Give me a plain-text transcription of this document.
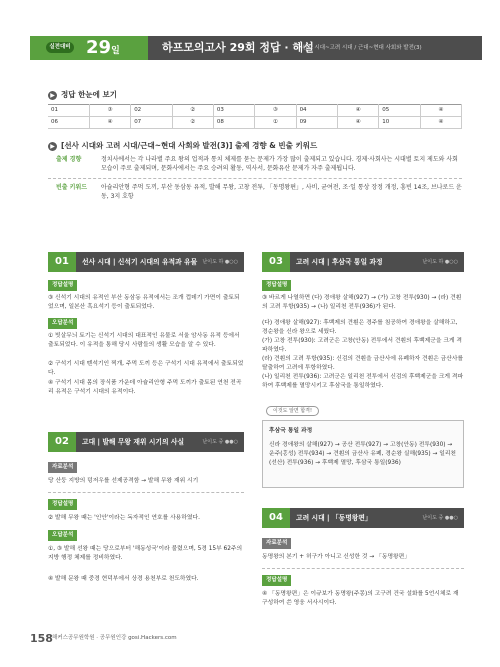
실전대비 29일	하프모의고사 29회 정답 · 해설
선사 시대~고려 시대 / 근대~현대 사회와 발전(3)
▶ 정답 한눈에 보기
01	③	02	②	03	③	04	④	05	④
06	④	07	②	08	①	09	④	10	④
▶ [선사 시대와 고려 시대/근대~현대 사회와 발전(3)] 출제 경향 & 빈출 키워드
출제 경향	정치사에서는 각 나라별 주요 왕의 업적과 통치 체제를 묻는 문제가 가장 많이 출제되고 있습니다. 경제·사회사는 시대별 토지 제도와 사회 모습이 주로 출제되며, 문화사에서는 주요 승려의 활동, 역사서, 문화유산 문제가 자주 출제됩니다.
빈출 키워드	아슐리안형 주먹 도끼, 부산 동삼동 유적, 발해 무왕, 고창 전투, 「동명왕편」, 사비, 균여전, 조·일 통상 장정 개정, 흥빈 14조, 브나로드 운동, 3지 호항
01	선사 시대 | 신석기 시대의 유적과 유물 난이도 하 ●○○
정답설명
③ 신석기 시대의 유적인 부산 동삼동 유적에서는 조개 껍데기 가면이 출토되었으며, 일본산 흑요석기 등이 출토되었다.
오답분석
① 빗살무늬 토기는 신석기 시대의 대표적인 유물로 서울 암사동 유적 등에서 출토되었다. 이 유적을 통해 당시 사람들의 생활 모습을 알 수 있다.
② 구석기 시대 뗀석기인 찍개, 주먹 도끼 등은 구석기 시대 유적에서 출토되었다.
④ 구석기 시대 몸의 장식품 가운데 아슐리안형 주먹 도끼가 출토된 연천 전곡리 유적은 구석기 시대의 유적이다.
02	고대 | 발해 무왕 재위 시기의 사실	난이도 중 ●●○
자료분석
당 산둥 지방의 덩저우를 선제공격함 → 발해 무왕 재위 시기
정답설명
② 발해 무왕 때는 '인안'이라는 독자적인 연호를 사용하였다.
오답분석
①, ③ 발해 선왕 때는 당으로부터 '해동성국'이라 불렸으며, 5경 15부 62주의 지방 행정 체제를 정비하였다.
④ 발해 문왕 때 중경 현덕부에서 상경 용천부로 천도하였다.
03	고려 시대 | 후삼국 통일 과정	난이도 하 ●○○
정답설명
③ 바르게 나열하면 (다) 경애왕 살해(927) → (가) 고창 전투(930) → (라) 견훤의 고려 투항(935) → (나) 일리천 전투(936)가 된다.
(다) 경애왕 살해(927): 후백제의 견훤은 경주를 침공하여 경애왕을 살해하고, 경순왕을 신라 왕으로 세웠다.
(가) 고창 전투(930): 고려군은 고창(안동) 전투에서 견훤의 후백제군을 크게 격파하였다.
(라) 견훤의 고려 투항(935): 신검의 견훤을 금산사에 유폐하자 견훤은 금산사를 탈출하여 고려에 투항하였다.
(나) 일리천 전투(936): 고려군은 일리천 전투에서 신검의 후백제군을 크게 격파하여 후백제를 멸망시키고 후삼국을 통일하였다.
이것도 알면 합격!
후삼국 통일 과정
신라 경애왕의 살해(927) → 공산 전투(927) → 고창(안동) 전투(930) → 운주(홍성) 전투(934) → 견훤의 금산사 유폐, 경순왕 실해(935) → 일리천(선산) 전투(936) → 후백제 멸망, 후삼국 통일(936)
04	고려 시대 | 「동명왕편」	난이도 중 ●●○
자료분석
동명왕의 본기 + 허구가 아니고 신성한 것 → 「동명왕편」
정답설명
④ 「동명왕편」은 이규보가 동명왕(주몽)의 고구려 건국 설화를 5언시체로 재구성하여 쓴 영웅 서사시이다.
158 해커스공무원학원 · 공무원인강 gosi.Hackers.com
